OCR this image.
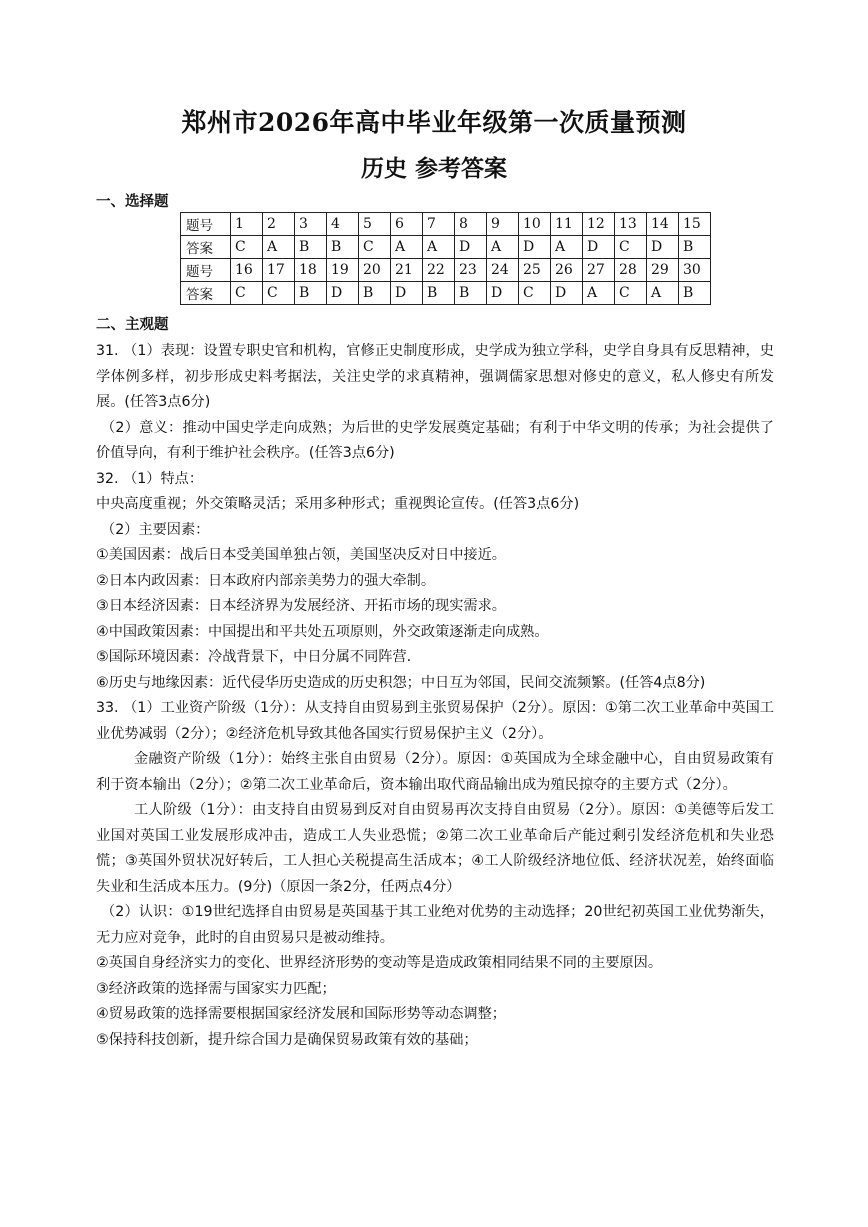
郑州市2026年高中毕业年级第一次质量预测
历史 参考答案
一、选择题
题号	1	2	3	4	5	6	7	8	9	10	11	12	13	14	15
答案	C	A	B	B	C	A	A	D	A	D	A	D	C	D	B
题号	16	17	18	19	20	21	22	23	24	25	26	27	28	29	30
答案	C	C	B	D	B	D	B	B	D	C	D	A	C	A	B
二、主观题

31. （1）表现：设置专职史官和机构，官修正史制度形成，史学成为独立学科，史学自身具有反思精神，史学体例多样，初步形成史料考据法，关注史学的求真精神，强调儒家思想对修史的意义，私人修史有所发展。(任答3点6分)

（2）意义：推动中国史学走向成熟；为后世的史学发展奠定基础；有利于中华文明的传承；为社会提供了价值导向，有利于维护社会秩序。(任答3点6分)

32. （1）特点：

中央高度重视；外交策略灵活；采用多种形式；重视舆论宣传。(任答3点6分)

（2）主要因素：

①美国因素：战后日本受美国单独占领，美国坚决反对日中接近。

②日本内政因素：日本政府内部亲美势力的强大牵制。

③日本经济因素：日本经济界为发展经济、开拓市场的现实需求。

④中国政策因素：中国提出和平共处五项原则，外交政策逐渐走向成熟。

⑤国际环境因素：冷战背景下，中日分属不同阵营.

⑥历史与地缘因素：近代侵华历史造成的历史积怨；中日互为邻国，民间交流频繁。(任答4点8分)

33. （1）工业资产阶级（1分）：从支持自由贸易到主张贸易保护（2分）。原因：①第二次工业革命中英国工业优势减弱（2分）；②经济危机导致其他各国实行贸易保护主义（2分）。

金融资产阶级（1分）：始终主张自由贸易（2分）。原因：①英国成为全球金融中心，自由贸易政策有利于资本输出（2分）；②第二次工业革命后，资本输出取代商品输出成为殖民掠夺的主要方式（2分）。

工人阶级（1分）：由支持自由贸易到反对自由贸易再次支持自由贸易（2分）。原因：①美德等后发工业国对英国工业发展形成冲击，造成工人失业恐慌；②第二次工业革命后产能过剩引发经济危机和失业恐慌；③英国外贸状况好转后，工人担心关税提高生活成本；④工人阶级经济地位低、经济状况差，始终面临失业和生活成本压力。(9分)（原因一条2分，任两点4分）

（2）认识：①19世纪选择自由贸易是英国基于其工业绝对优势的主动选择；20世纪初英国工业优势渐失，无力应对竞争，此时的自由贸易只是被动维持。

②英国自身经济实力的变化、世界经济形势的变动等是造成政策相同结果不同的主要原因。

③经济政策的选择需与国家实力匹配；

④贸易政策的选择需要根据国家经济发展和国际形势等动态调整；

⑤保持科技创新，提升综合国力是确保贸易政策有效的基础；
